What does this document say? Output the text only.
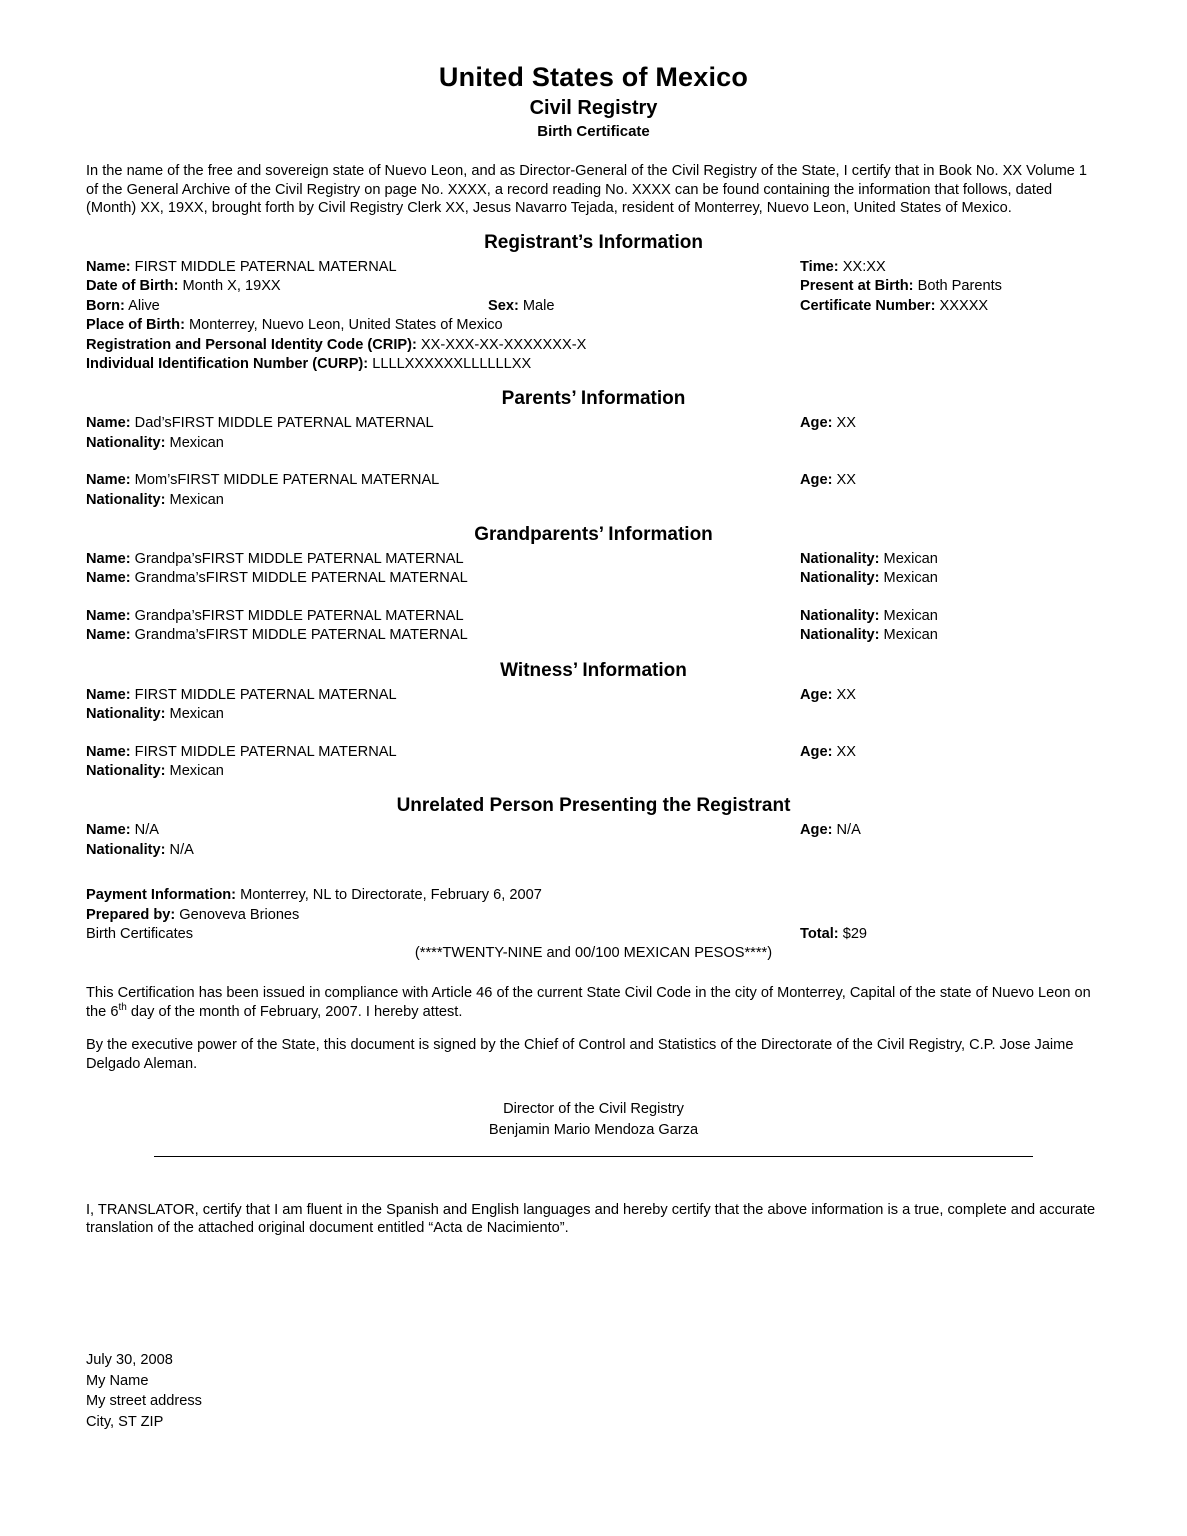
United States of Mexico
Civil Registry
Birth Certificate

In the name of the free and sovereign state of Nuevo Leon, and as Director-General of the Civil Registry of the State, I certify that in Book No. XX Volume 1 of the General Archive of the Civil Registry on page No. XXXX, a record reading No. XXXX can be found containing the information that follows, dated (Month) XX, 19XX, brought forth by Civil Registry Clerk XX, Jesus Navarro Tejada, resident of Monterrey, Nuevo Leon, United States of Mexico.

Registrant’s Information
Name: FIRST MIDDLE PATERNAL MATERNAL	Time: XX:XX
Date of Birth: Month X, 19XX	Present at Birth: Both Parents
Born: Alive	Sex: Male	Certificate Number: XXXXX
Place of Birth: Monterrey, Nuevo Leon, United States of Mexico
Registration and Personal Identity Code (CRIP): XX-XXX-XX-XXXXXXX-X
Individual Identification Number (CURP): LLLLXXXXXXLLLLLLXX
Parents’ Information
Name: Dad’sFIRST MIDDLE PATERNAL MATERNAL	Age: XX
Nationality: Mexican
Name: Mom’sFIRST MIDDLE PATERNAL MATERNAL	Age: XX
Nationality: Mexican
Grandparents’ Information
Name: Grandpa’sFIRST MIDDLE PATERNAL MATERNAL	Nationality: Mexican
Name: Grandma’sFIRST MIDDLE PATERNAL MATERNAL	Nationality: Mexican
Name: Grandpa’sFIRST MIDDLE PATERNAL MATERNAL	Nationality: Mexican
Name: Grandma’sFIRST MIDDLE PATERNAL MATERNAL	Nationality: Mexican
Witness’ Information
Name: FIRST MIDDLE PATERNAL MATERNAL	Age: XX
Nationality: Mexican
Name: FIRST MIDDLE PATERNAL MATERNAL	Age: XX
Nationality: Mexican
Unrelated Person Presenting the Registrant
Name: N/A	Age: N/A
Nationality: N/A
Payment Information: Monterrey, NL to Directorate, February 6, 2007
Prepared by: Genoveva Briones
Birth Certificates	Total: $29
(****TWENTY-NINE and 00/100 MEXICAN PESOS****)

This Certification has been issued in compliance with Article 46 of the current State Civil Code in the city of Monterrey, Capital of the state of Nuevo Leon on the 6th day of the month of February, 2007. I hereby attest.

By the executive power of the State, this document is signed by the Chief of Control and Statistics of the Directorate of the Civil Registry, C.P. Jose Jaime Delgado Aleman.

Director of the Civil Registry
Benjamin Mario Mendoza Garza

I, TRANSLATOR, certify that I am fluent in the Spanish and English languages and hereby certify that the above information is a true, complete and accurate translation of the attached original document entitled “Acta de Nacimiento”.

July 30, 2008
My Name
My street address
City, ST ZIP
